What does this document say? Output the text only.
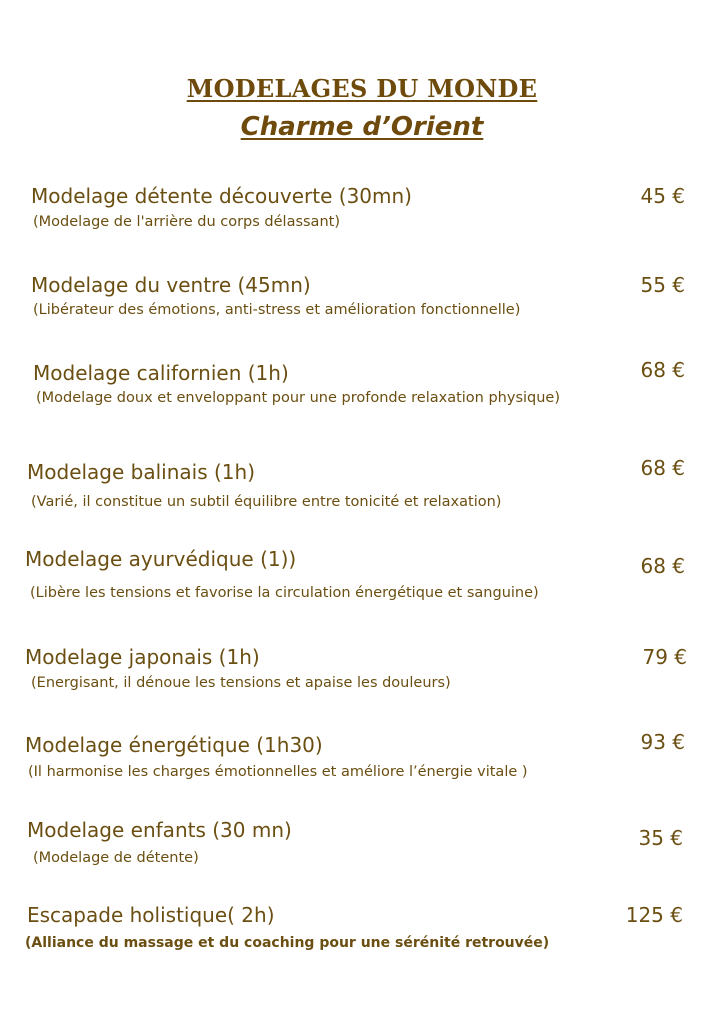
MODELAGES DU MONDE
Charme d’Orient
Modelage détente découverte (30mn)
(Modelage de l'arrière du corps délassant)
45 €
Modelage du ventre (45mn)
(Libérateur des émotions, anti-stress et amélioration fonctionnelle)
55 €
Modelage californien (1h)
(Modelage doux et enveloppant pour une profonde relaxation physique)
68 €
Modelage balinais (1h)
(Varié, il constitue un subtil équilibre entre tonicité et relaxation)
68 €
Modelage ayurvédique (1))
(Libère les tensions et favorise la circulation énergétique et sanguine)
68 €
Modelage japonais (1h)
(Energisant, il dénoue les tensions et apaise les douleurs)
79 €
Modelage énergétique (1h30)
(Il harmonise les charges émotionnelles et améliore l’énergie vitale )
93 €
Modelage enfants (30 mn)
(Modelage de détente)
35 €
Escapade holistique( 2h)
(Alliance du massage et du coaching pour une sérénité retrouvée)
125 €
